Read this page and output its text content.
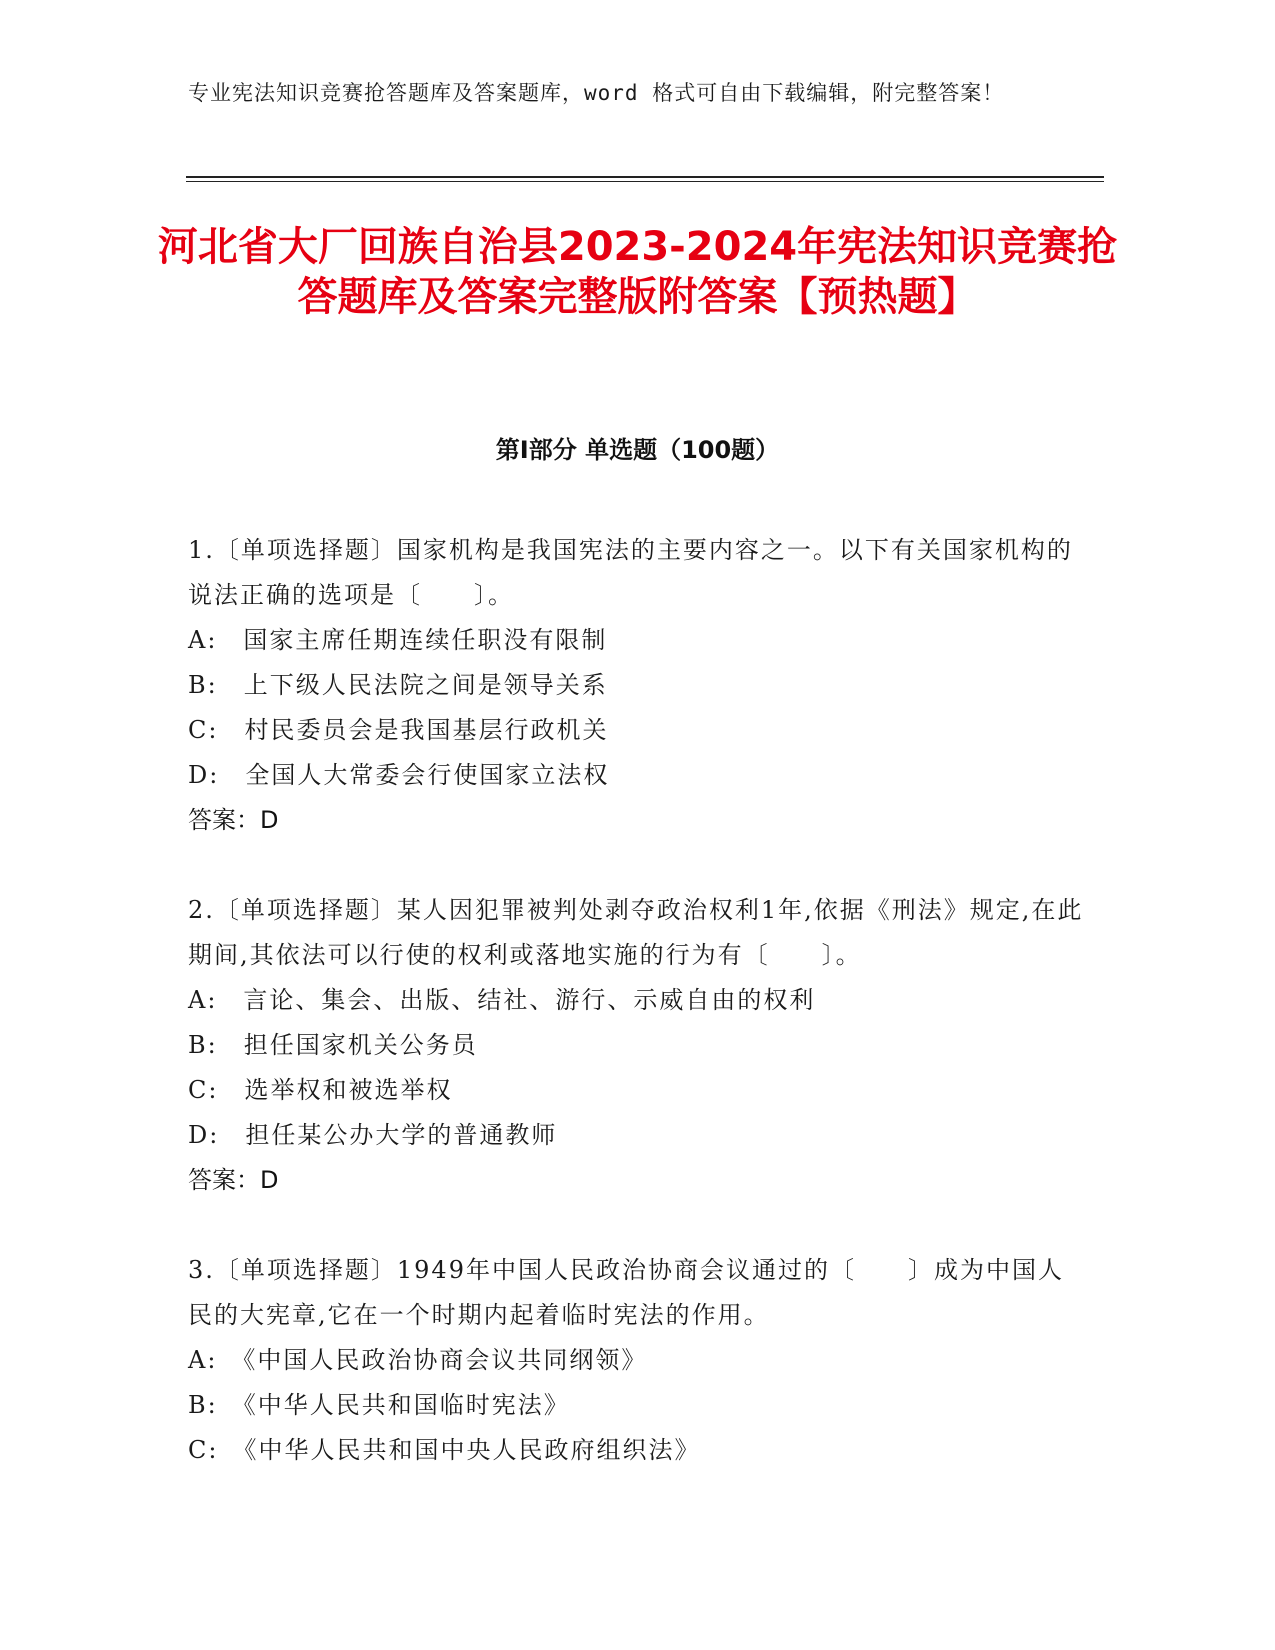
专业宪法知识竞赛抢答题库及答案题库，word 格式可自由下载编辑，附完整答案！

河北省大厂回族自治县2023-2024年宪法知识竞赛抢答题库及答案完整版附答案【预热题】
第Ⅰ部分 单选题（100题）

1.〔单项选择题〕国家机构是我国宪法的主要内容之一。以下有关国家机构的说法正确的选项是〔　　〕。

A:　国家主席任期连续任职没有限制

B:　上下级人民法院之间是领导关系

C:　村民委员会是我国基层行政机关

D:　全国人大常委会行使国家立法权

答案：D

2.〔单项选择题〕某人因犯罪被判处剥夺政治权利1年,依据《刑法》规定,在此期间,其依法可以行使的权利或落地实施的行为有〔　　〕。

A:　言论、集会、出版、结社、游行、示威自由的权利

B:　担任国家机关公务员

C:　选举权和被选举权

D:　担任某公办大学的普通教师

答案：D

3.〔单项选择题〕1949年中国人民政治协商会议通过的〔　　〕成为中国人民的大宪章,它在一个时期内起着临时宪法的作用。

A:　《中国人民政治协商会议共同纲领》

B:　《中华人民共和国临时宪法》

C:　《中华人民共和国中央人民政府组织法》
